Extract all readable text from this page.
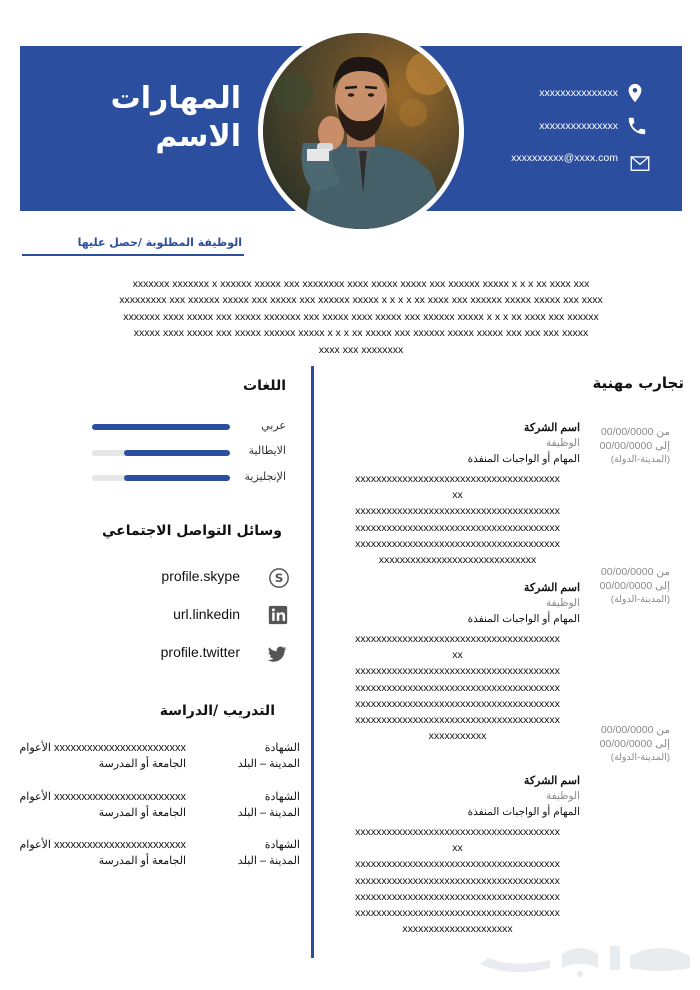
المهارات
الاسم
xxxxxxxxxxxxxxx
xxxxxxxxxxxxxxx
xxxxxxxxxx@xxxx.com
الوظيفة المطلوبة /حصل عليها
xxxxxxx xxxxxxx x xxxxxx xxxxx xxx xxxxxxxx xxxx xxxxx xxxxx xxx xxxxxx xxxxx x x x xx xxxx xxx
xxxxxxxxx xxx xxxxxx xxxxx xxx xxxxx xxx xxxxxx xxxxx x x x x xx xxxx xxx xxxxxx xxxxx xxxxx xxx xxxx
xxxxxxx xxxx xxxxx xxx xxxxx xxxxxxx xxx xxxxx xxxx xxxxx xxx xxxxxx xxxxx x x x xx xxxx xxx xxxxxx
xxxxx xxxx xxxxx xxx xxxxx xxxxxx xxxxx x x x xx xxxxx xxx xxxxxx xxxxx xxxxx xxx xxx xxx xxxxx
xxxx xxx xxxxxxxx
تجارب مهنية
من 00/00/0000
إلى 00/00/0000
(المدينة-الدولة)
اسم الشركة
الوظيفة
المهام أو الواجبات المنفذة
xxxxxxxxxxxxxxxxxxxxxxxxxxxxxxxxxxxxxxx
xx
xxxxxxxxxxxxxxxxxxxxxxxxxxxxxxxxxxxxxxx
xxxxxxxxxxxxxxxxxxxxxxxxxxxxxxxxxxxxxxx
xxxxxxxxxxxxxxxxxxxxxxxxxxxxxxxxxxxxxxx
xxxxxxxxxxxxxxxxxxxxxxxxxxxxxx
من 00/00/0000
إلى 00/00/0000
(المدينة-الدولة)
اسم الشركة
الوظيفة
المهام أو الواجبات المنفذة
xxxxxxxxxxxxxxxxxxxxxxxxxxxxxxxxxxxxxxx
xx
xxxxxxxxxxxxxxxxxxxxxxxxxxxxxxxxxxxxxxx
xxxxxxxxxxxxxxxxxxxxxxxxxxxxxxxxxxxxxxx
xxxxxxxxxxxxxxxxxxxxxxxxxxxxxxxxxxxxxxx
xxxxxxxxxxxxxxxxxxxxxxxxxxxxxxxxxxxxxxx
xxxxxxxxxxx
من 00/00/0000
إلى 00/00/0000
(المدينة-الدولة)
اسم الشركة
الوظيفة
المهام أو الواجبات المنفذة
xxxxxxxxxxxxxxxxxxxxxxxxxxxxxxxxxxxxxxx
xx
xxxxxxxxxxxxxxxxxxxxxxxxxxxxxxxxxxxxxxx
xxxxxxxxxxxxxxxxxxxxxxxxxxxxxxxxxxxxxxx
xxxxxxxxxxxxxxxxxxxxxxxxxxxxxxxxxxxxxxx
xxxxxxxxxxxxxxxxxxxxxxxxxxxxxxxxxxxxxxx
xxxxxxxxxxxxxxxxxxxxx
اللغات
عربي
الايطالية
الإنجليزية
وسائل التواصل الاجتماعي
profile.skype	S
url.linkedin
profile.twitter
التدريب /الدراسة
الشهادة
المدينة – البلد
xxxxxxxxxxxxxxxxxxxxxxxx الأعوام
الجامعة أو المدرسة
الشهادة
المدينة – البلد
xxxxxxxxxxxxxxxxxxxxxxxx الأعوام
الجامعة أو المدرسة
الشهادة
المدينة – البلد
xxxxxxxxxxxxxxxxxxxxxxxx الأعوام
الجامعة أو المدرسة
